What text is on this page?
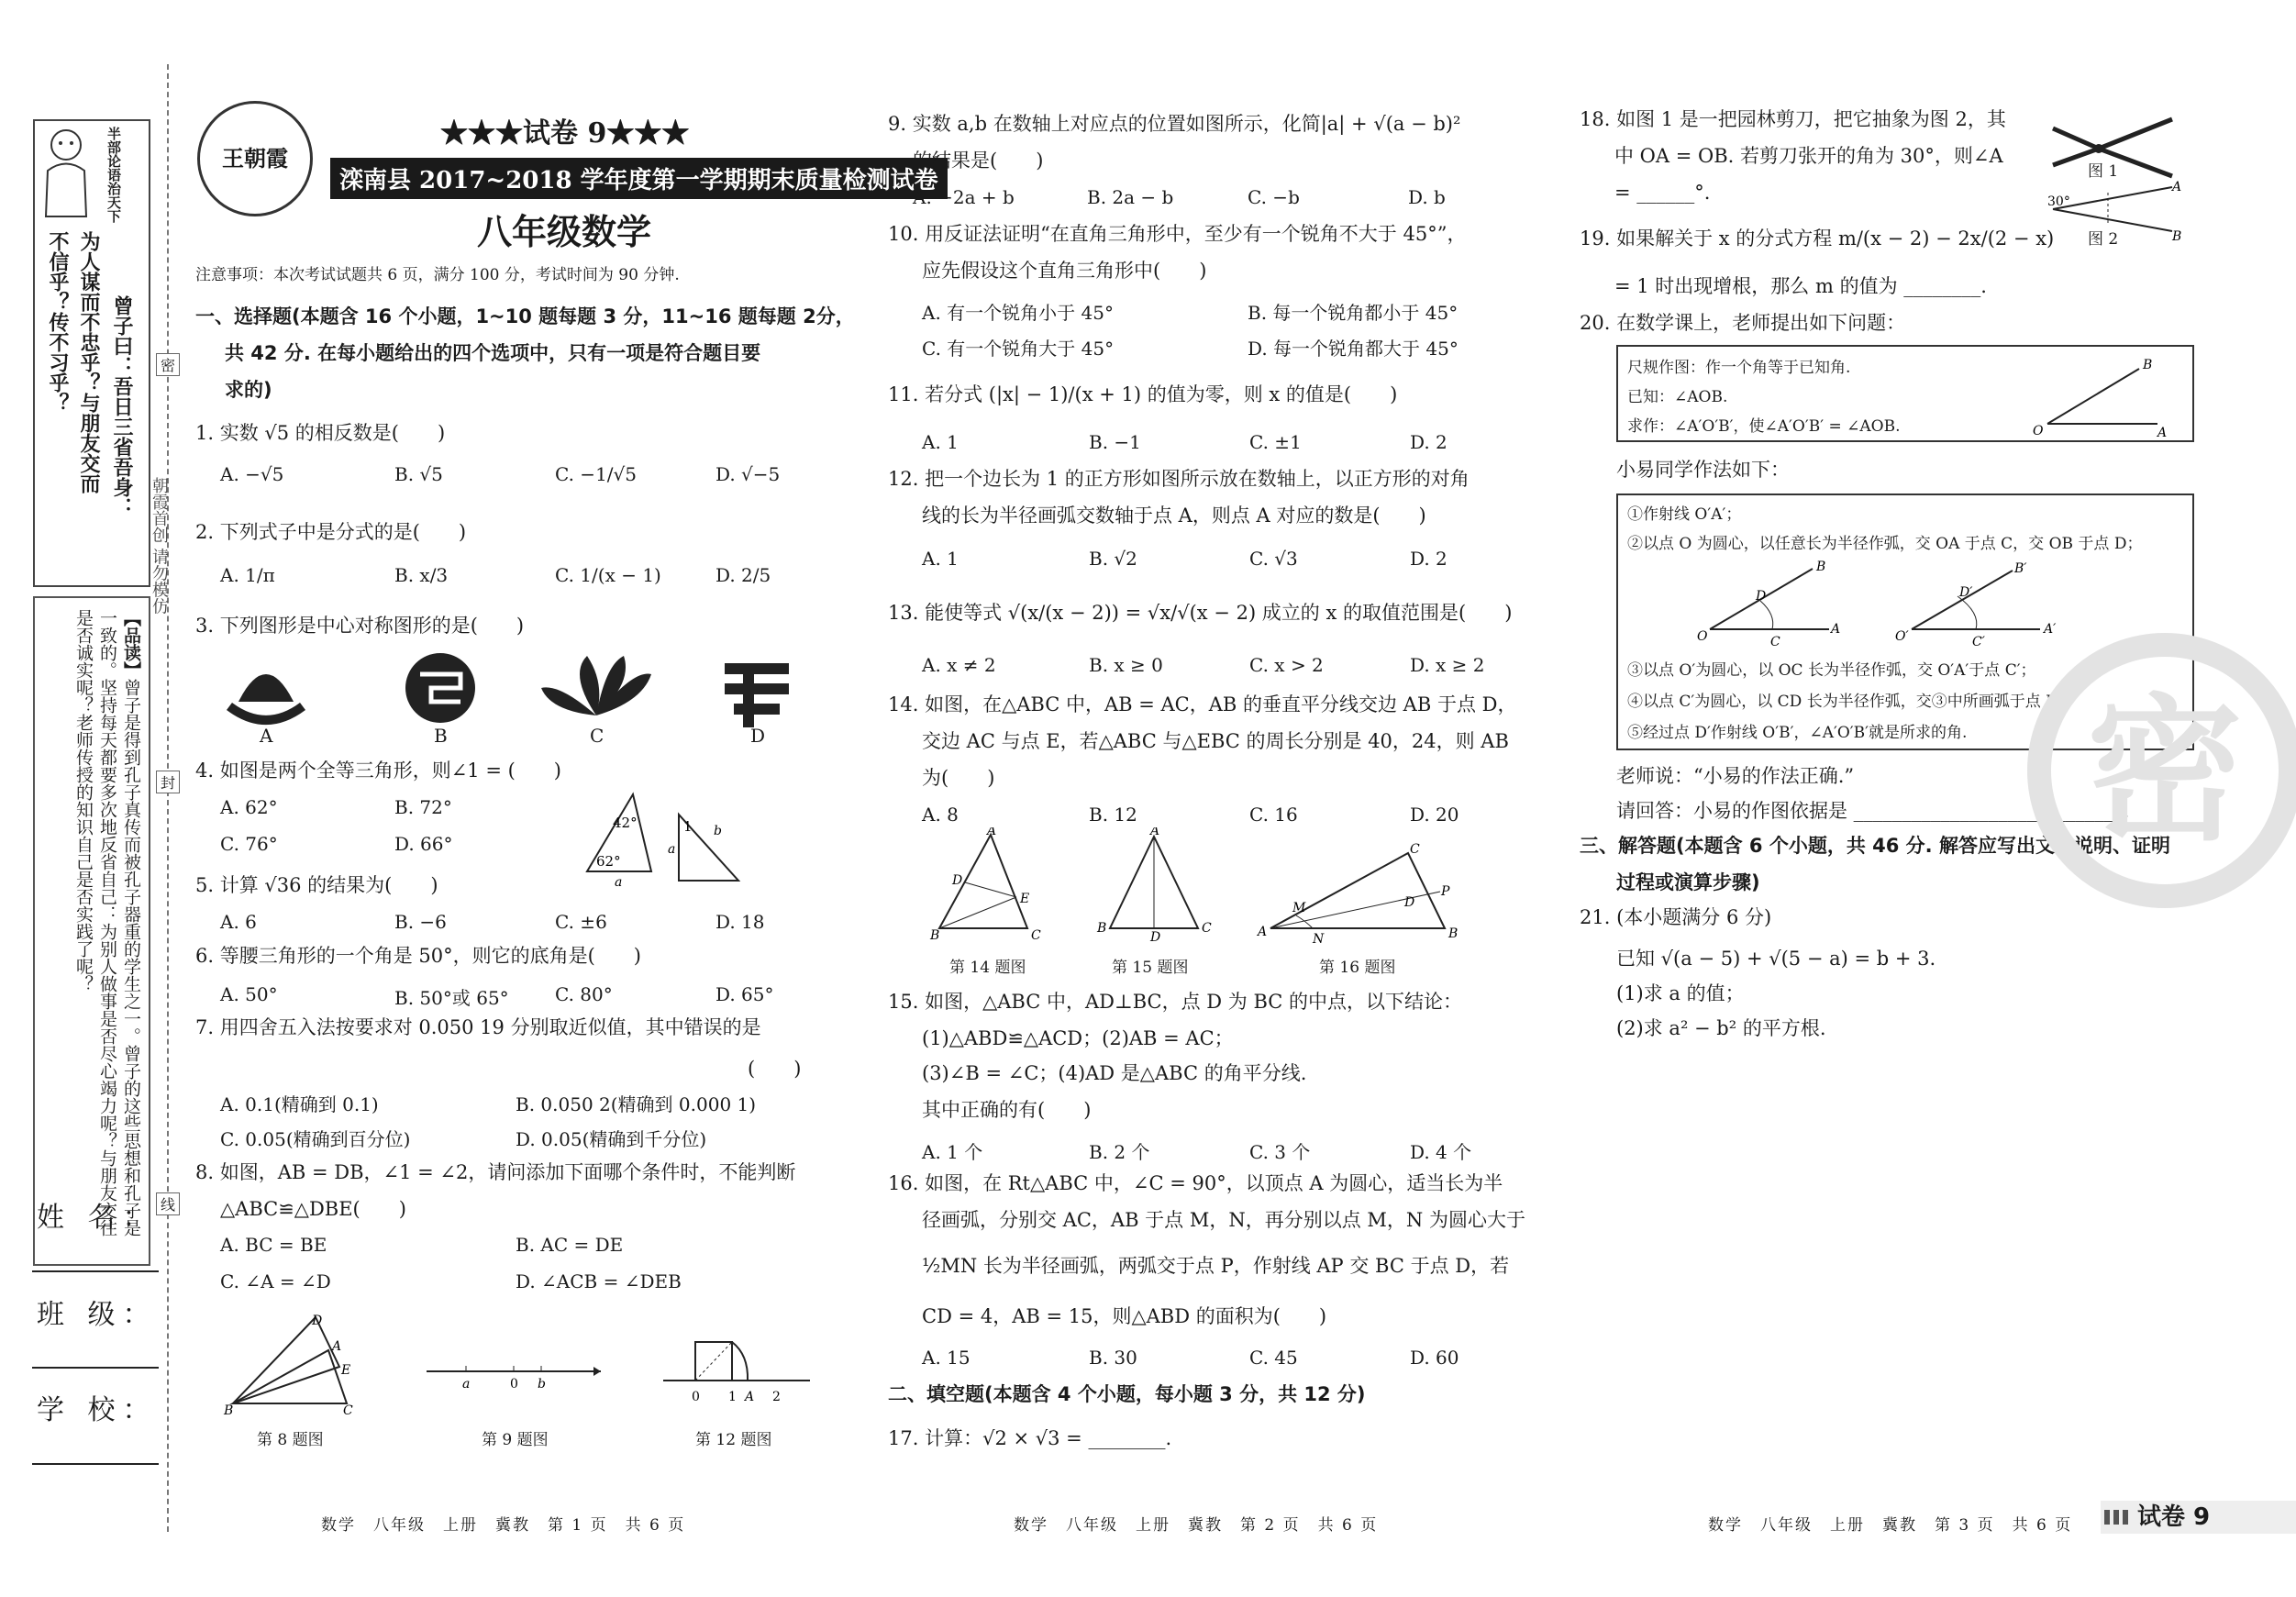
半部论语治天下
曾子曰：吾日三省吾身：
为人谋而不忠乎？与朋友交而
不信乎？传不习乎？
【品读】曾子是得到孔子真传而被孔子器重的学生之一。曾子的这些思想和孔子是一致的。坚持每天都要多次地反省自己：为别人做事是否尽心竭力呢？与朋友交往是否诚实呢？老师传授的知识自己是否实践了呢？
密
封
线
朝霞首创 请勿模仿
姓 名：
班 级：
学 校：
王朝霞
★★★试卷 9★★★
滦南县 2017~2018 学年度第一学期期末质量检测试卷
八年级数学
注意事项：本次考试试题共 6 页，满分 100 分，考试时间为 90 分钟.
一、选择题(本题含 16 个小题，1~10 题每题 3 分，11~16 题每题 2分，
共 42 分. 在每小题给出的四个选项中，只有一项是符合题目要
求的)
1. 实数 √5 的相反数是(　　)
A. −√5	B. √5	C. −1/√5	D. √−5
2. 下列式子中是分式的是(　　)
A. 1/π	B. x/3	C. 1/(x − 1)	D. 2/5
3. 下列图形是中心对称图形的是(　　)
A	B	C	D
4. 如图是两个全等三角形，则∠1 = (　　)
A. 62°	B. 72°
C. 76°	D. 66°
42°
62°
a
1
a
b
5. 计算 √36 的结果为(　　)
A. 6	B. −6	C. ±6	D. 18
6. 等腰三角形的一个角是 50°，则它的底角是(　　)
A. 50°	B. 50°或 65°	C. 80°	D. 65°
7. 用四舍五入法按要求对 0.050 19 分别取近似值，其中错误的是
(　　)
A. 0.1(精确到 0.1)	B. 0.050 2(精确到 0.000 1)
C. 0.05(精确到百分位)	D. 0.05(精确到千分位)
8. 如图，AB = DB，∠1 = ∠2，请问添加下面哪个条件时，不能判断
△ABC≌△DBE(　　)
A. BC = BE	B. AC = DE
C. ∠A = ∠D	D. ∠ACB = ∠DEB
B
D
A
E
C
a	0 b
0 1 A 2
第 8 题图	第 9 题图	第 12 题图
9. 实数 a,b 在数轴上对应点的位置如图所示，化简|a| + √(a − b)²
的结果是(　　)
A. −2a + b	B. 2a − b	C. −b	D. b
10. 用反证法证明“在直角三角形中，至少有一个锐角不大于 45°”，
应先假设这个直角三角形中(　　)
A. 有一个锐角小于 45°	B. 每一个锐角都小于 45°
C. 有一个锐角大于 45°	D. 每一个锐角都大于 45°
11. 若分式 (|x| − 1)/(x + 1) 的值为零，则 x 的值是(　　)
A. 1	B. −1	C. ±1	D. 2
12. 把一个边长为 1 的正方形如图所示放在数轴上，以正方形的对角
线的长为半径画弧交数轴于点 A，则点 A 对应的数是(　　)
A. 1	B. √2	C. √3	D. 2
13. 能使等式 √(x/(x − 2)) = √x/√(x − 2) 成立的 x 的取值范围是(　　)
A. x ≠ 2	B. x ≥ 0	C. x > 2	D. x ≥ 2
14. 如图，在△ABC 中，AB = AC，AB 的垂直平分线交边 AB 于点 D，
交边 AC 与点 E，若△ABC 与△EBC 的周长分别是 40，24，则 AB
为(　　)
A. 8	B. 12	C. 16	D. 20
A
D
E
B	C
A
B
D
C	A
C
B
M
N
D
P
第 14 题图	第 15 题图	第 16 题图
15. 如图，△ABC 中，AD⊥BC，点 D 为 BC 的中点，以下结论：
(1)△ABD≌△ACD；(2)AB = AC；
(3)∠B = ∠C；(4)AD 是△ABC 的角平分线.
其中正确的有(　　)
A. 1 个	B. 2 个	C. 3 个	D. 4 个
16. 如图，在 Rt△ABC 中，∠C = 90°，以顶点 A 为圆心，适当长为半
径画弧，分别交 AC，AB 于点 M，N，再分别以点 M，N 为圆心大于
½MN 长为半径画弧，两弧交于点 P，作射线 AP 交 BC 于点 D，若
CD = 4，AB = 15，则△ABD 的面积为(　　)
A. 15	B. 30	C. 45	D. 60
二、填空题(本题含 4 个小题，每小题 3 分，共 12 分)
17. 计算：√2 × √3 = ________.
18. 如图 1 是一把园林剪刀，把它抽象为图 2，其
中 OA = OB. 若剪刀张开的角为 30°，则∠A
= ______°.	30°
A
B
图 1
图 2
19. 如果解关于 x 的分式方程 m/(x − 2) − 2x/(2 − x)
= 1 时出现增根，那么 m 的值为 ________.
20. 在数学课上，老师提出如下问题：
尺规作图：作一个角等于已知角.
已知：∠AOB.
求作：∠A′O′B′，使∠A′O′B′ = ∠AOB.	O	A
B
小易同学作法如下：
①作射线 O′A′；
②以点 O 为圆心，以任意长为半径作弧，交 OA 于点 C，交 OB 于点 D；
O	A
B
D
C	O′	A′
B′
D′
C′
③以点 O′为圆心，以 OC 长为半径作弧，交 O′A′于点 C′；
④以点 C′为圆心，以 CD 长为半径作弧，交③中所画弧于点 D′；
⑤经过点 D′作射线 O′B′，∠A′O′B′就是所求的角.
老师说：“小易的作法正确.”
请回答：小易的作图依据是 ____________________________.
三、解答题(本题含 6 个小题，共 46 分. 解答应写出文字说明、证明
过程或演算步骤)
21. (本小题满分 6 分)
已知 √(a − 5) + √(5 − a) = b + 3.
(1)求 a 的值；
(2)求 a² − b² 的平方根.
密
数学　八年级　上册　冀教　第 1 页　共 6 页	数学　八年级　上册　冀教　第 2 页　共 6 页	数学　八年级　上册　冀教　第 3 页　共 6 页	试卷 9
